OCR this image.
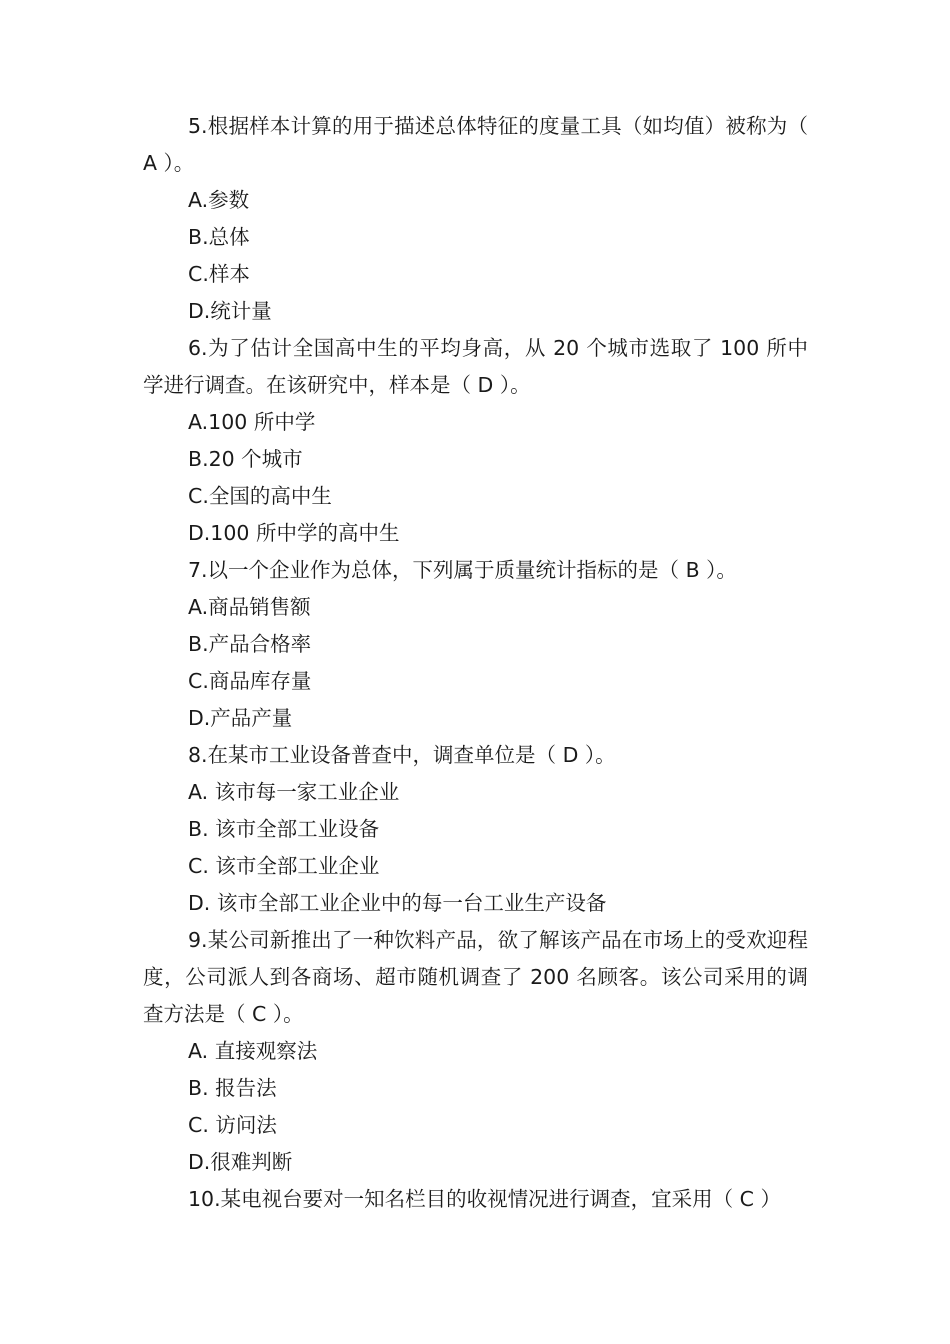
5.根据样本计算的用于描述总体特征的度量工具（如均值）被称为（ A ）。

A.参数

B.总体

C.样本

D.统计量

6.为了估计全国高中生的平均身高，从 20 个城市选取了 100 所中学进行调查。在该研究中，样本是（ D ）。

A.100 所中学

B.20 个城市

C.全国的高中生

D.100 所中学的高中生

7.以一个企业作为总体，下列属于质量统计指标的是（ B ）。

A.商品销售额

B.产品合格率

C.商品库存量

D.产品产量

8.在某市工业设备普查中，调查单位是（ D ）。

A. 该市每一家工业企业

B. 该市全部工业设备

C. 该市全部工业企业

D. 该市全部工业企业中的每一台工业生产设备

9.某公司新推出了一种饮料产品，欲了解该产品在市场上的受欢迎程度，公司派人到各商场、超市随机调查了 200 名顾客。该公司采用的调查方法是（ C ）。

A. 直接观察法

B. 报告法

C. 访问法

D.很难判断

10.某电视台要对一知名栏目的收视情况进行调查，宜采用（ C ）
